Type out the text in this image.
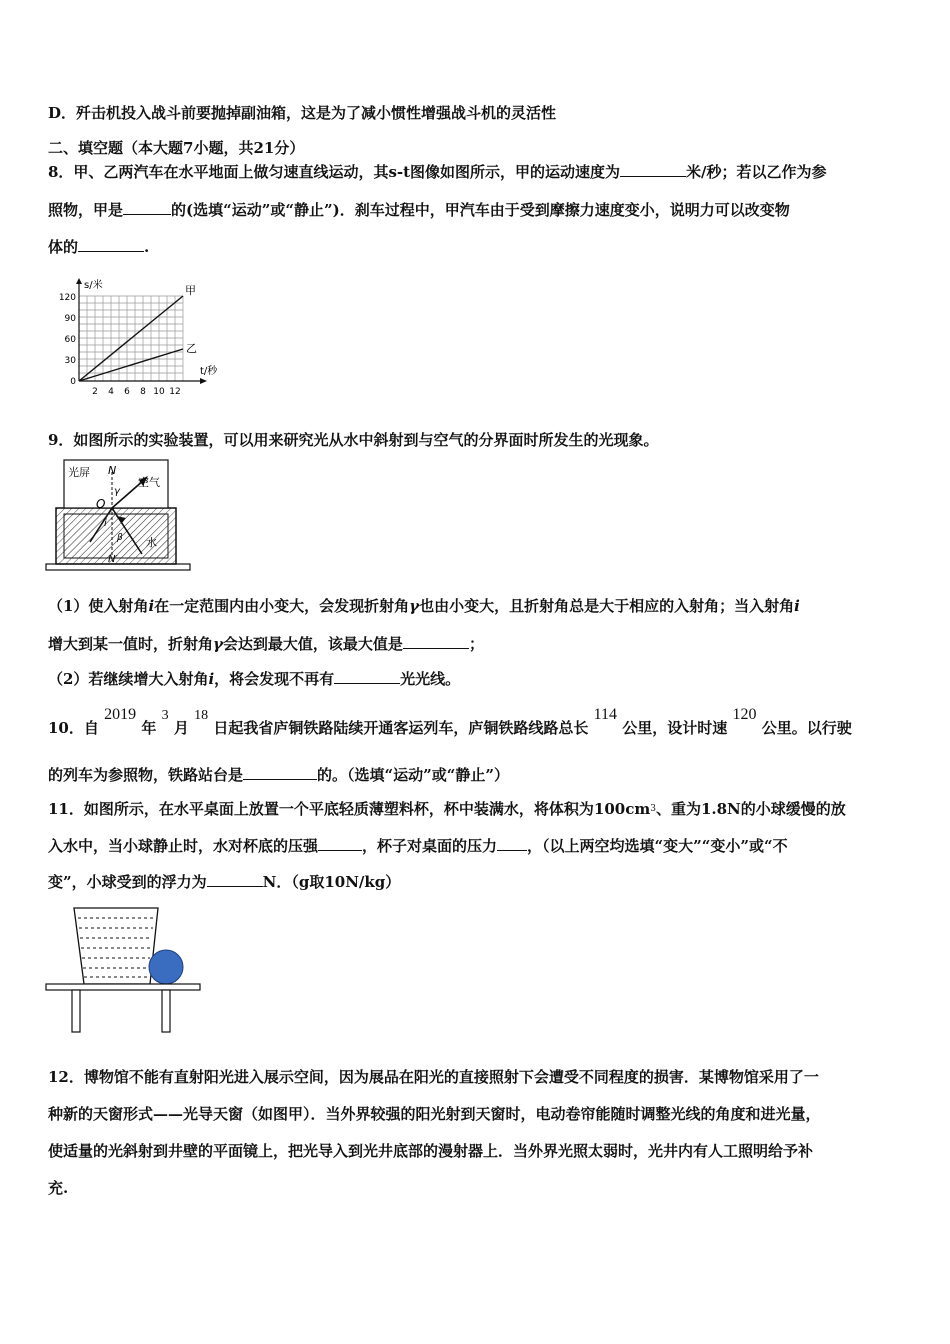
D．歼击机投入战斗前要抛掉副油箱，这是为了减小惯性增强战斗机的灵活性
二、填空题（本大题7小题，共21分）
8．甲、乙两汽车在水平地面上做匀速直线运动，其s-t图像如图所示，甲的运动速度为	米/秒；若以乙作为参
照物，甲是	的(选填“运动”或“静止”)．刹车过程中，甲汽车由于受到摩擦力速度变小，说明力可以改变物
体的	.
s/米
t/秒
甲
乙
120
90
60
30
0
2 4 6 8 10 12
9．如图所示的实验装置，可以用来研究光从水中斜射到与空气的分界面时所发生的光现象。
光屏 N
γ
空气
O
i
β 水
N′
（1）使入射角i在一定范围内由小变大，会发现折射角γ也由小变大，且折射角总是大于相应的入射角；当入射角i
增大到某一值时，折射角γ会达到最大值，该最大值是	；
（2）若继续增大入射角i，将会发现不再有	光光线。
10．自 2019 年 3 月 18 日起我省庐铜铁路陆续开通客运列车，庐铜铁路线路总长 114 公里，设计时速 120 公里。以行驶
的列车为参照物，铁路站台是	的。（选填“运动”或“静止”）
11．如图所示，在水平桌面上放置一个平底轻质薄塑料杯，杯中装满水，将体积为$100cm^3$、重为1.8N的小球缓慢的放
入水中，当小球静止时，水对杯底的压强	，杯子对桌面的压力 ，（以上两空均选填“变大”“变小”或“不
变”，小球受到的浮力为	N．（g取10N/kg）
12．博物馆不能有直射阳光进入展示空间，因为展品在阳光的直接照射下会遭受不同程度的损害．某博物馆采用了一
种新的天窗形式——光导天窗（如图甲）．当外界较强的阳光射到天窗时，电动卷帘能随时调整光线的角度和进光量，
使适量的光斜射到井壁的平面镜上，把光导入到光井底部的漫射器上．当外界光照太弱时，光井内有人工照明给予补
充.
